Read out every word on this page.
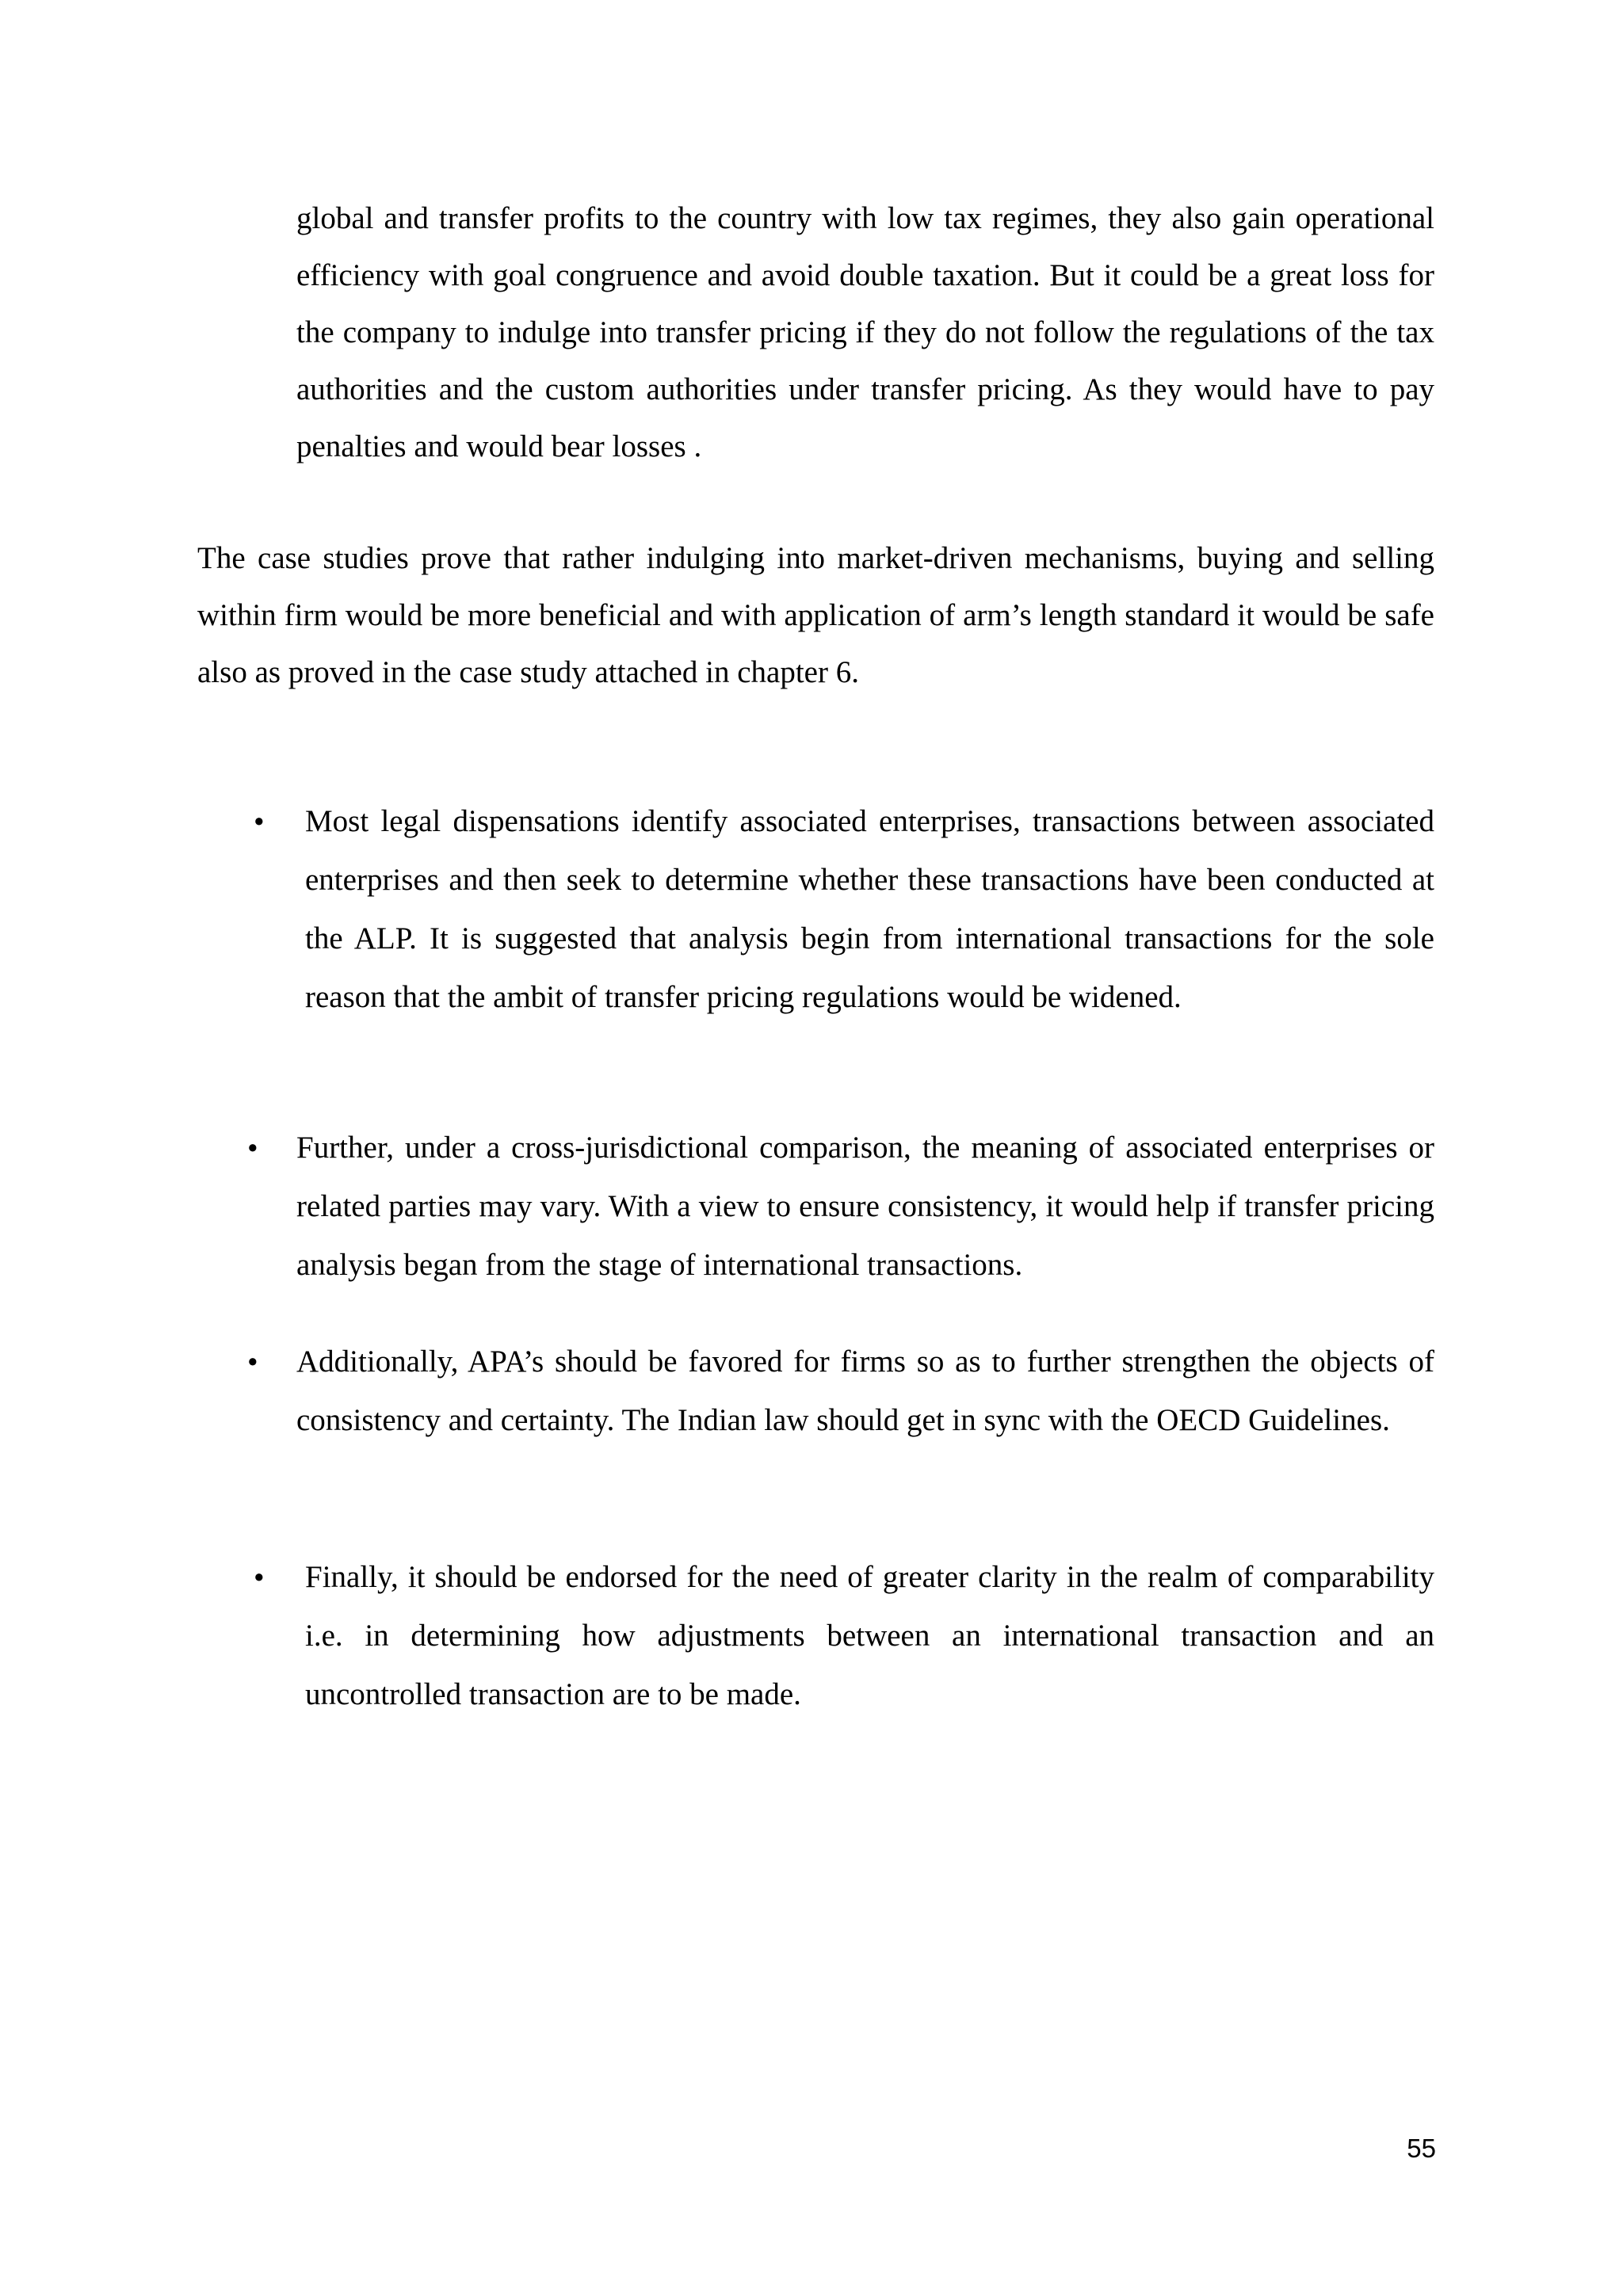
global and transfer profits to the country with low tax regimes, they also gain operational efficiency with goal congruence and avoid double taxation. But it could be a great loss for the company to indulge into transfer pricing if they do not follow the regulations of the tax authorities and the custom authorities under transfer pricing. As they would have to pay penalties and would bear losses .

The case studies prove that rather indulging into market-driven mechanisms, buying and selling within firm would be more beneficial and with application of arm’s length standard it would be safe also as proved in the case study attached in chapter 6.

•	Most legal dispensations identify associated enterprises, transactions between associated enterprises and then seek to determine whether these transactions have been conducted at the ALP. It is suggested that analysis begin from international transactions for the sole reason that the ambit of transfer pricing regulations would be widened.

•	Further, under a cross-jurisdictional comparison, the meaning of associated enterprises or related parties may vary. With a view to ensure consistency, it would help if transfer pricing analysis began from the stage of international transactions.

•	Additionally, APA’s should be favored for firms so as to further strengthen the objects of consistency and certainty. The Indian law should get in sync with the OECD Guidelines.

•	Finally, it should be endorsed for the need of greater clarity in the realm of comparability i.e. in determining how adjustments between an international transaction and an uncontrolled transaction are to be made.

55
